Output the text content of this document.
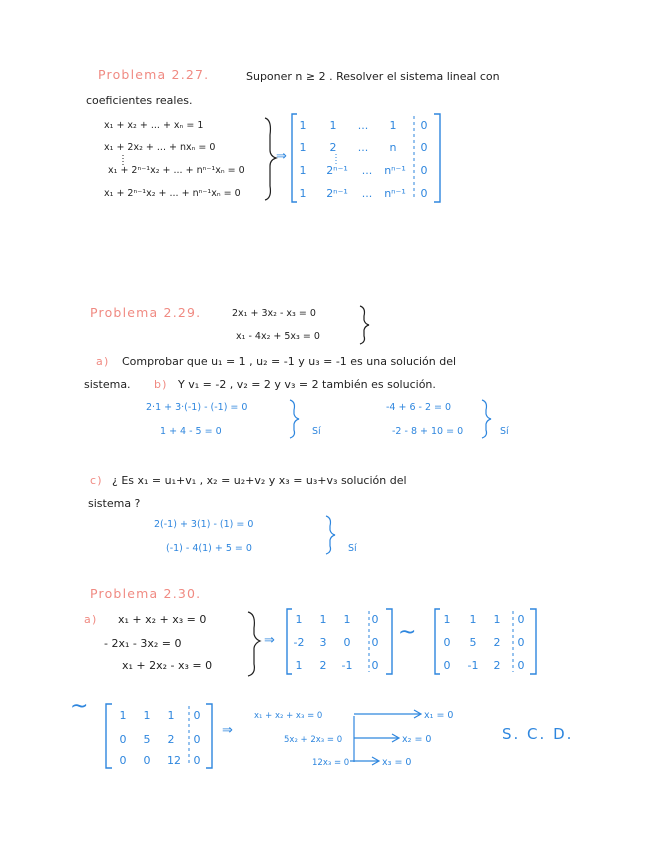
Problema 2.27.	Suponer n ≥ 2 . Resolver el sistema lineal con
coeficientes reales.
x₁ + x₂ + ... + xₙ = 1
x₁ + 2x₂ + ... + nxₙ = 0
x₁ + 2ⁿ⁻¹x₂ + ... + nⁿ⁻¹xₙ = 0
x₁ + 2ⁿ⁻¹x₂ + ... + nⁿ⁻¹xₙ = 0
⇒
1	1	...	1	0
1	2	...	n	0
1	2ⁿ⁻¹	...	nⁿ⁻¹	0
1	2ⁿ⁻¹	...	nⁿ⁻¹	0
Problema 2.29.	2x₁ + 3x₂ - x₃ = 0
x₁ - 4x₂ + 5x₃ = 0
a) Comprobar que u₁ = 1 , u₂ = -1 y u₃ = -1 es una solución del
sistema. b) Y v₁ = -2 , v₂ = 2 y v₃ = 2 también es solución.
2·1 + 3·(-1) - (-1) = 0
1 + 4 - 5 = 0	Sí
-4 + 6 - 2 = 0
-2 - 8 + 10 = 0	Sí
c) ¿ Es x₁ = u₁+v₁ , x₂ = u₂+v₂ y x₃ = u₃+v₃ solución del
sistema ?
2(-1) + 3(1) - (1) = 0
(-1) - 4(1) + 5 = 0	Sí
Problema 2.30.
a) x₁ + x₂ + x₃ = 0
- 2x₁ - 3x₂ = 0
x₁ + 2x₂ - x₃ = 0
⇒
1	1	1	0
-2	3	0	0
1	2	-1	0
~
1	1	1	0
0	5	2	0
0	-1	2	0
~	1	1	1	0
0	5	2	0
0	0	12	0
⇒
x₁ + x₂ + x₃ = 0
5x₂ + 2x₃ = 0
12x₃ = 0
x₁ = 0
x₂ = 0
x₃ = 0
S. C. D.
